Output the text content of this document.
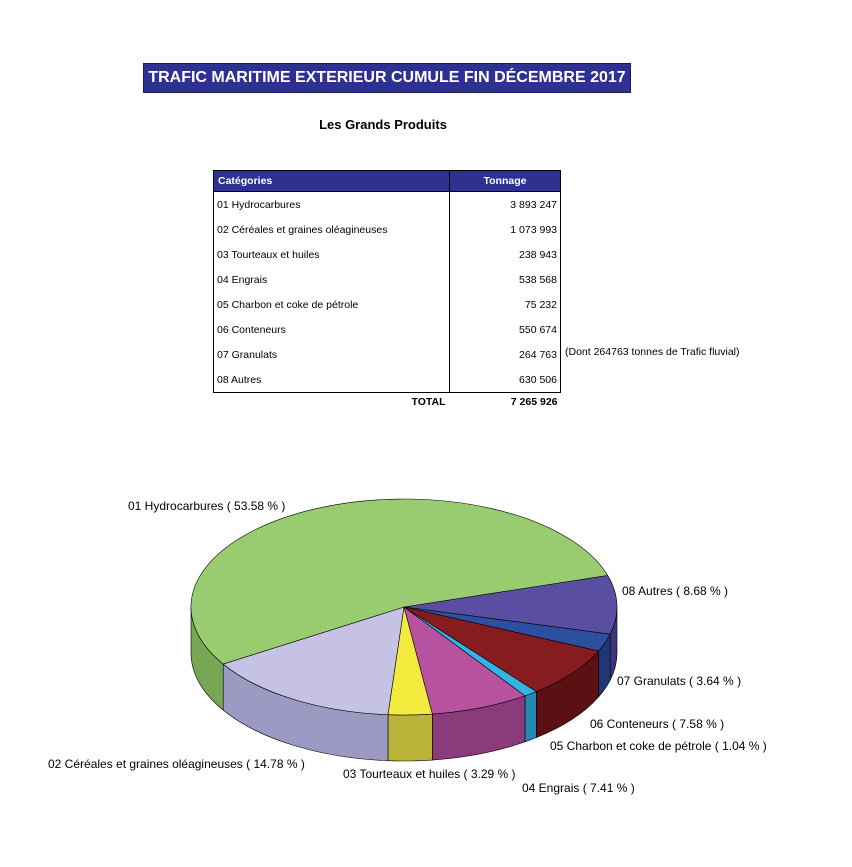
TRAFIC MARITIME EXTERIEUR CUMULE FIN DÉCEMBRE 2017
Les Grands Produits
Catégories	Tonnage
01 Hydrocarbures	3 893 247
02 Céréales et graines oléagineuses	1 073 993
03 Tourteaux et huiles	238 943
04 Engrais	538 568
05 Charbon et coke de pétrole	75 232
06 Conteneurs	550 674
07 Granulats	264 763
08 Autres	630 506
TOTAL	7 265 926
(Dont 264763 tonnes de Trafic fluvial)
01 Hydrocarbures ( 53.58 % )
08 Autres ( 8.68 % )
07 Granulats ( 3.64 % )
06 Conteneurs ( 7.58 % )
05 Charbon et coke de pétrole ( 1.04 % )
04 Engrais ( 7.41 % )
03 Tourteaux et huiles ( 3.29 % )
02 Céréales et graines oléagineuses ( 14.78 % )
